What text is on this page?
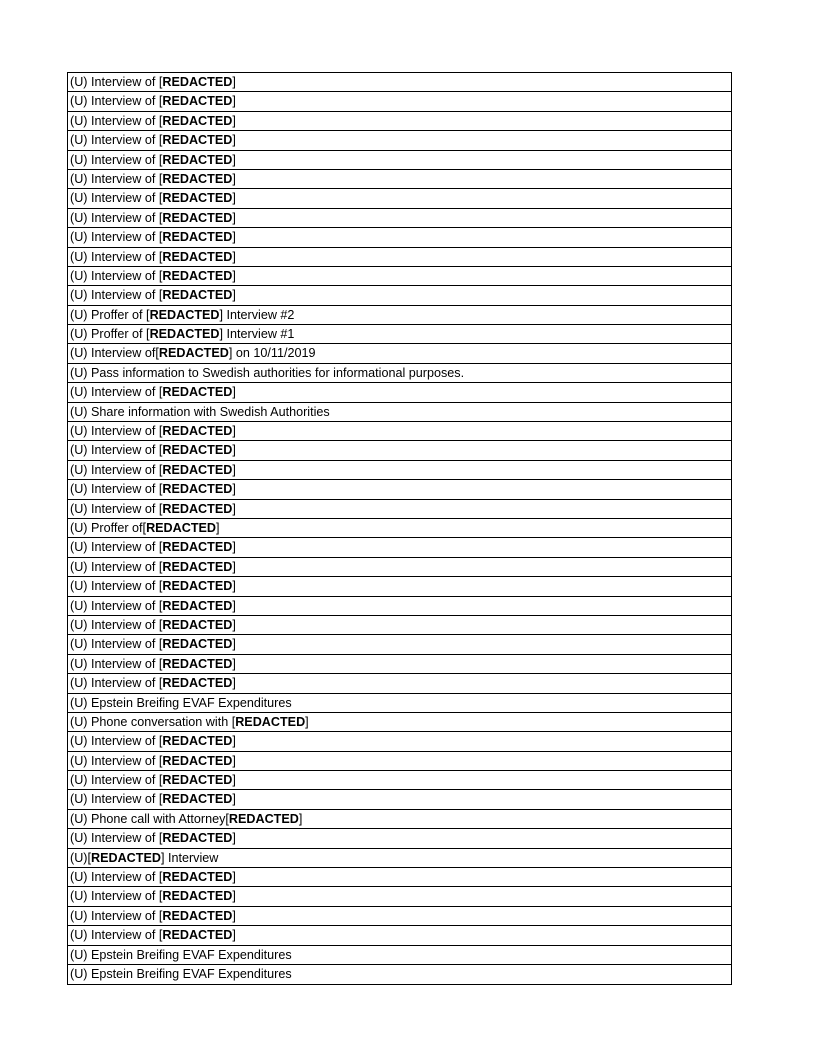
(U) Interview of [REDACTED]
(U) Interview of [REDACTED]
(U) Interview of [REDACTED]
(U) Interview of [REDACTED]
(U) Interview of [REDACTED]
(U) Interview of [REDACTED]
(U) Interview of [REDACTED]
(U) Interview of [REDACTED]
(U) Interview of [REDACTED]
(U) Interview of [REDACTED]
(U) Interview of [REDACTED]
(U) Interview of [REDACTED]
(U) Proffer of [REDACTED] Interview #2
(U) Proffer of [REDACTED] Interview #1
(U) Interview of[REDACTED] on 10/11/2019
(U) Pass information to Swedish authorities for informational purposes.
(U) Interview of [REDACTED]
(U) Share information with Swedish Authorities
(U) Interview of [REDACTED]
(U) Interview of [REDACTED]
(U) Interview of [REDACTED]
(U) Interview of [REDACTED]
(U) Interview of [REDACTED]
(U) Proffer of[REDACTED]
(U) Interview of [REDACTED]
(U) Interview of [REDACTED]
(U) Interview of [REDACTED]
(U) Interview of [REDACTED]
(U) Interview of [REDACTED]
(U) Interview of [REDACTED]
(U) Interview of [REDACTED]
(U) Interview of [REDACTED]
(U) Epstein Breifing EVAF Expenditures
(U) Phone conversation with [REDACTED]
(U) Interview of [REDACTED]
(U) Interview of [REDACTED]
(U) Interview of [REDACTED]
(U) Interview of [REDACTED]
(U) Phone call with Attorney[REDACTED]
(U) Interview of [REDACTED]
(U)[REDACTED] Interview
(U) Interview of [REDACTED]
(U) Interview of [REDACTED]
(U) Interview of [REDACTED]
(U) Interview of [REDACTED]
(U) Epstein Breifing EVAF Expenditures
(U) Epstein Breifing EVAF Expenditures
